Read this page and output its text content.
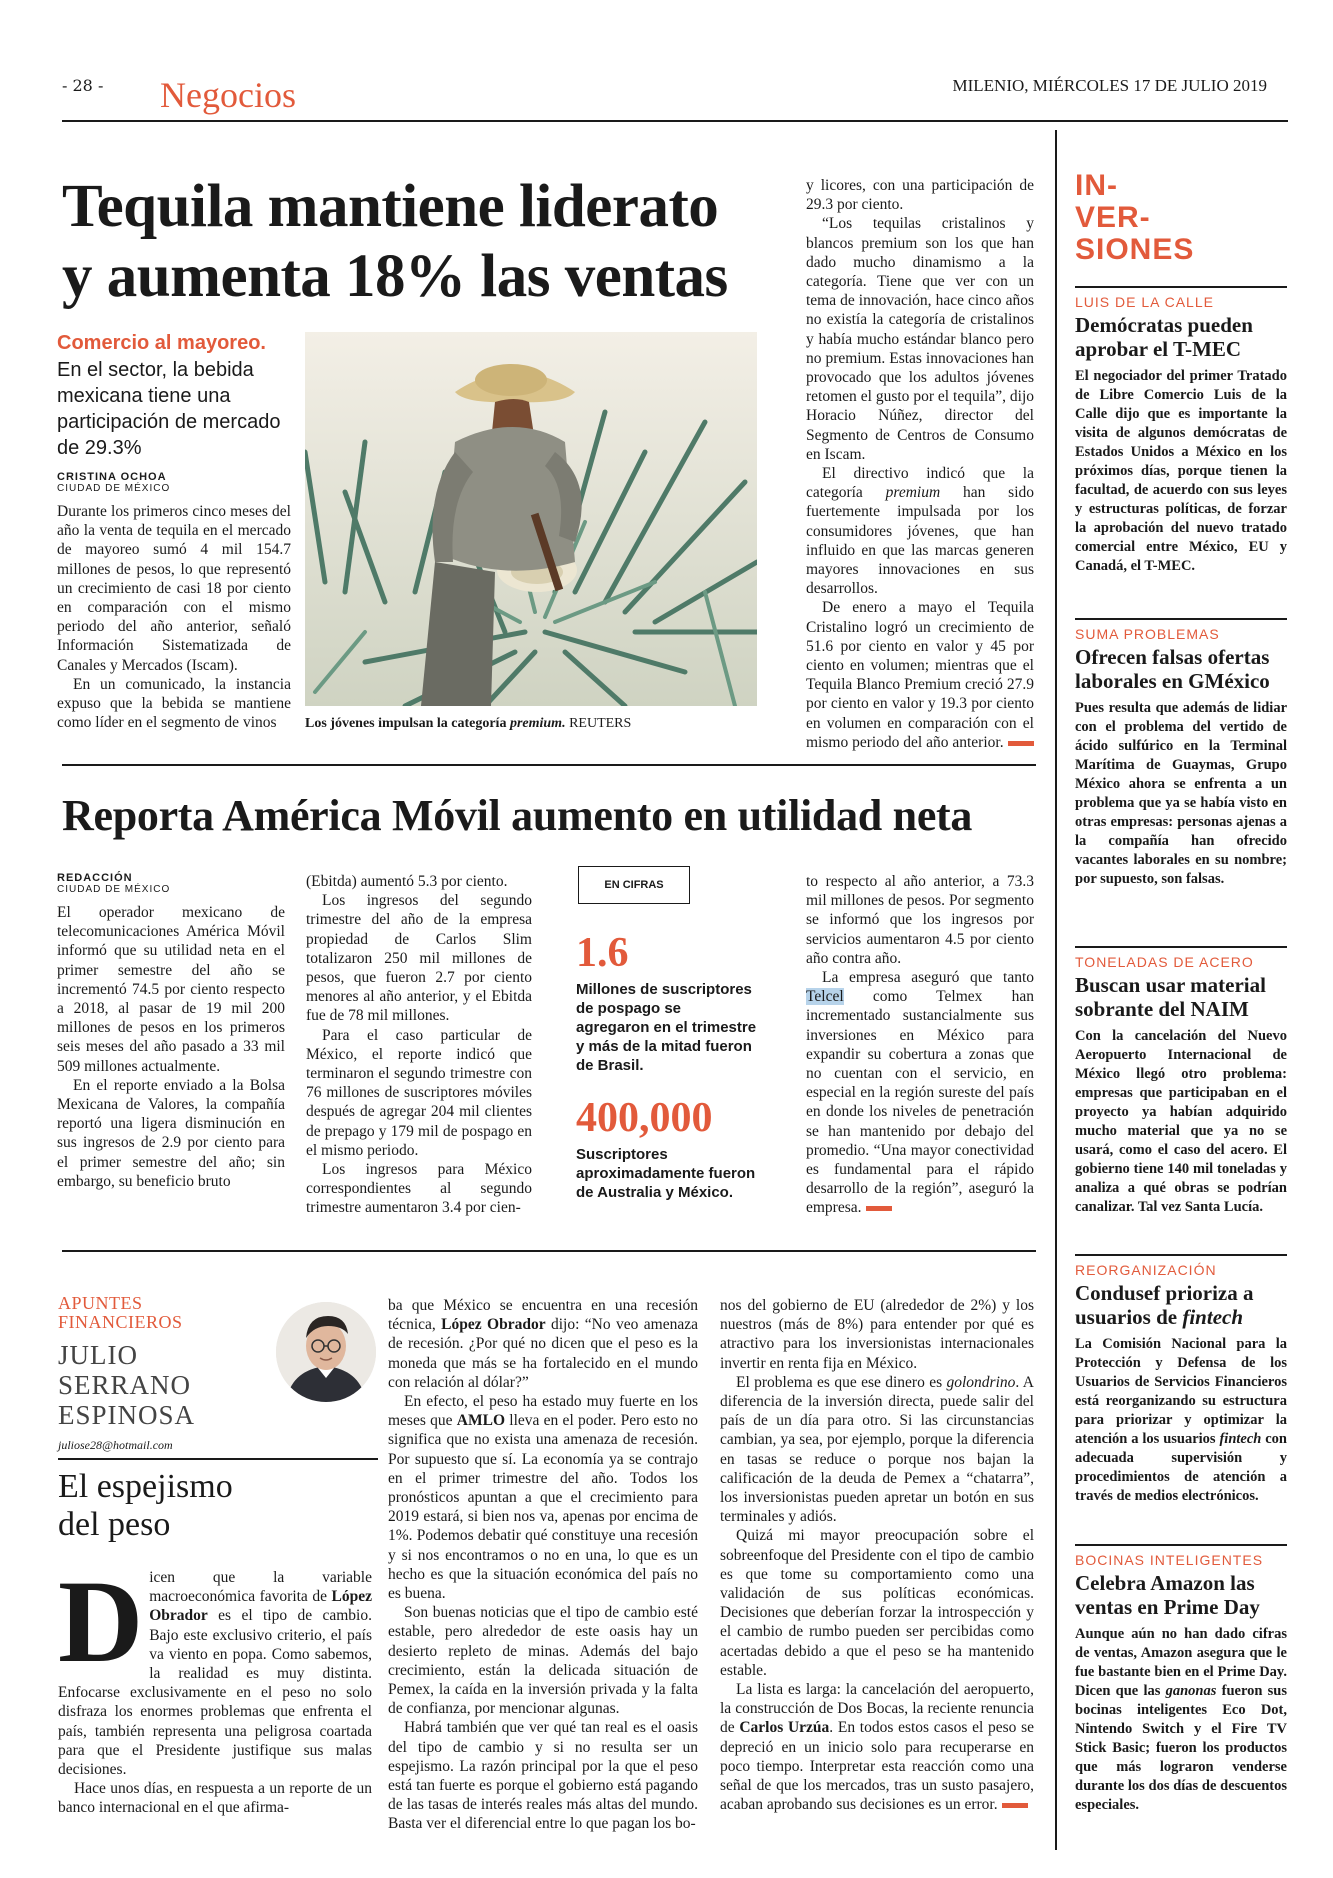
- 28 - Negocios	MILENIO, MIÉRCOLES 17 DE JULIO 2019
Tequila mantiene liderato
y aumenta 18% las ventas
Comercio al mayoreo.
En el sector, la bebida mexicana tiene una participación de mercado de 29.3%
CRISTINA OCHOA
CIUDAD DE MÉXICO

Durante los primeros cinco meses del año la venta de tequila en el mercado de mayoreo sumó 4 mil 154.7 millones de pesos, lo que representó un crecimiento de casi 18 por ciento en comparación con el mismo periodo del año anterior, señaló Información Sistematizada de Canales y Mercados (Iscam).

En un comunicado, la instancia expuso que la bebida se mantiene como líder en el segmento de vinos	Los jóvenes impulsan la categoría premium. REUTERS

y licores, con una participación de 29.3 por ciento.

“Los tequilas cristalinos y blancos premium son los que han dado mucho dinamismo a la categoría. Tiene que ver con un tema de innovación, hace cinco años no existía la categoría de cristalinos y había mucho estándar blanco pero no premium. Estas innovaciones han provocado que los adultos jóvenes retomen el gusto por el tequila”, dijo Horacio Núñez, director del Segmento de Centros de Consumo en Iscam.

El directivo indicó que la categoría premium han sido fuertemente impulsada por los consumidores jóvenes, que han influido en que las marcas generen mayores innovaciones en sus desarrollos.

De enero a mayo el Tequila Cristalino logró un crecimiento de 51.6 por ciento en valor y 45 por ciento en volumen; mientras que el Tequila Blanco Premium creció 27.9 por ciento en valor y 19.3 por ciento en volumen en comparación con el mismo periodo del año anterior.

Reporta América Móvil aumento en utilidad neta
REDACCIÓN
CIUDAD DE MÉXICO

El operador mexicano de telecomunicaciones América Móvil informó que su utilidad neta en el primer semestre del año se incrementó 74.5 por ciento respecto a 2018, al pasar de 19 mil 200 millones de pesos en los primeros seis meses del año pasado a 33 mil 509 millones actualmente.

En el reporte enviado a la Bolsa Mexicana de Valores, la compañía reportó una ligera disminución en sus ingresos de 2.9 por ciento para el primer semestre del año; sin embargo, su beneficio bruto

(Ebitda) aumentó 5.3 por ciento.

Los ingresos del segundo trimestre del año de la empresa propiedad de Carlos Slim totalizaron 250 mil millones de pesos, que fueron 2.7 por ciento menores al año anterior, y el Ebitda fue de 78 mil millones.

Para el caso particular de México, el reporte indicó que terminaron el segundo trimestre con 76 millones de suscriptores móviles después de agregar 204 mil clientes de prepago y 179 mil de pospago en el mismo periodo.

Los ingresos para México correspondientes al segundo trimestre aumentaron 3.4 por cien-

EN CIFRAS
1.6
Millones de suscriptores de pospago se agregaron en el trimestre y más de la mitad fueron de Brasil.
400,000
Suscriptores aproximadamente fueron de Australia y México.

to respecto al año anterior, a 73.3 mil millones de pesos. Por segmento se informó que los ingresos por servicios aumentaron 4.5 por ciento año contra año.

La empresa aseguró que tanto Telcel como Telmex han incrementado sustancialmente sus inversiones en México para expandir su cobertura a zonas que no cuentan con el servicio, en especial en la región sureste del país en donde los niveles de penetración se han mantenido por debajo del promedio. “Una mayor conectividad es fundamental para el rápido desarrollo de la región”, aseguró la empresa.

APUNTES
FINANCIEROS
JULIO
SERRANO
ESPINOSA
juliose28@hotmail.com
El espejismo
del peso

Dicen que la variable macroeconómica favorita de López Obrador es el tipo de cambio. Bajo este exclusivo criterio, el país va viento en popa. Como sabemos, la realidad es muy distinta. Enfocarse exclusivamente en el peso no solo disfraza los enormes problemas que enfrenta el país, también representa una peligrosa coartada para que el Presidente justifique sus malas decisiones.

Hace unos días, en respuesta a un reporte de un banco internacional en el que afirma-

ba que México se encuentra en una recesión técnica, López Obrador dijo: “No veo amenaza de recesión. ¿Por qué no dicen que el peso es la moneda que más se ha fortalecido en el mundo con relación al dólar?”

En efecto, el peso ha estado muy fuerte en los meses que AMLO lleva en el poder. Pero esto no significa que no exista una amenaza de recesión. Por supuesto que sí. La economía ya se contrajo en el primer trimestre del año. Todos los pronósticos apuntan a que el crecimiento para 2019 estará, si bien nos va, apenas por encima de 1%. Podemos debatir qué constituye una recesión y si nos encontramos o no en una, lo que es un hecho es que la situación económica del país no es buena.

Son buenas noticias que el tipo de cambio esté estable, pero alrededor de este oasis hay un desierto repleto de minas. Además del bajo crecimiento, están la delicada situación de Pemex, la caída en la inversión privada y la falta de confianza, por mencionar algunas.

Habrá también que ver qué tan real es el oasis del tipo de cambio y si no resulta ser un espejismo. La razón principal por la que el peso está tan fuerte es porque el gobierno está pagando de las tasas de interés reales más altas del mundo. Basta ver el diferencial entre lo que pagan los bo-

nos del gobierno de EU (alrededor de 2%) y los nuestros (más de 8%) para entender por qué es atractivo para los inversionistas internacionales invertir en renta fija en México.

El problema es que ese dinero es golondrino. A diferencia de la inversión directa, puede salir del país de un día para otro. Si las circunstancias cambian, ya sea, por ejemplo, porque la diferencia en tasas se reduce o porque nos bajan la calificación de la deuda de Pemex a “chatarra”, los inversionistas pueden apretar un botón en sus terminales y adiós.

Quizá mi mayor preocupación sobre el sobreenfoque del Presidente con el tipo de cambio es que tome su comportamiento como una validación de sus políticas económicas. Decisiones que deberían forzar la introspección y el cambio de rumbo pueden ser percibidas como acertadas debido a que el peso se ha mantenido estable.

La lista es larga: la cancelación del aeropuerto, la construcción de Dos Bocas, la reciente renuncia de Carlos Urzúa. En todos estos casos el peso se depreció en un inicio solo para recuperarse en poco tiempo. Interpretar esta reacción como una señal de que los mercados, tras un susto pasajero, acaban aprobando sus decisiones es un error.

IN-
VER-
SIONES
LUIS DE LA CALLE
Demócratas pueden aprobar el T-MEC
El negociador del primer Tratado de Libre Comercio Luis de la Calle dijo que es importante la visita de algunos demócratas de Estados Unidos a México en los próximos días, porque tienen la facultad, de acuerdo con sus leyes y estructuras políticas, de forzar la aprobación del nuevo tratado comercial entre México, EU y Canadá, el T-MEC.
SUMA PROBLEMAS
Ofrecen falsas ofertas laborales en GMéxico
Pues resulta que además de lidiar con el problema del vertido de ácido sulfúrico en la Terminal Marítima de Guaymas, Grupo México ahora se enfrenta a un problema que ya se había visto en otras empresas: personas ajenas a la compañía han ofrecido vacantes laborales en su nombre; por supuesto, son falsas.
TONELADAS DE ACERO
Buscan usar material sobrante del NAIM
Con la cancelación del Nuevo Aeropuerto Internacional de México llegó otro problema: empresas que participaban en el proyecto ya habían adquirido mucho material que ya no se usará, como el caso del acero. El gobierno tiene 140 mil toneladas y analiza a qué obras se podrían canalizar. Tal vez Santa Lucía.
REORGANIZACIÓN
Condusef prioriza a usuarios de fintech
La Comisión Nacional para la Protección y Defensa de los Usuarios de Servicios Financieros está reorganizando su estructura para priorizar y optimizar la atención a los usuarios fintech con adecuada supervisión y procedimientos de atención a través de medios electrónicos.
BOCINAS INTELIGENTES
Celebra Amazon las ventas en Prime Day
Aunque aún no han dado cifras de ventas, Amazon asegura que le fue bastante bien en el Prime Day. Dicen que las ganonas fueron sus bocinas inteligentes Eco Dot, Nintendo Switch y el Fire TV Stick Basic; fueron los productos que más lograron venderse durante los dos días de descuentos especiales.
